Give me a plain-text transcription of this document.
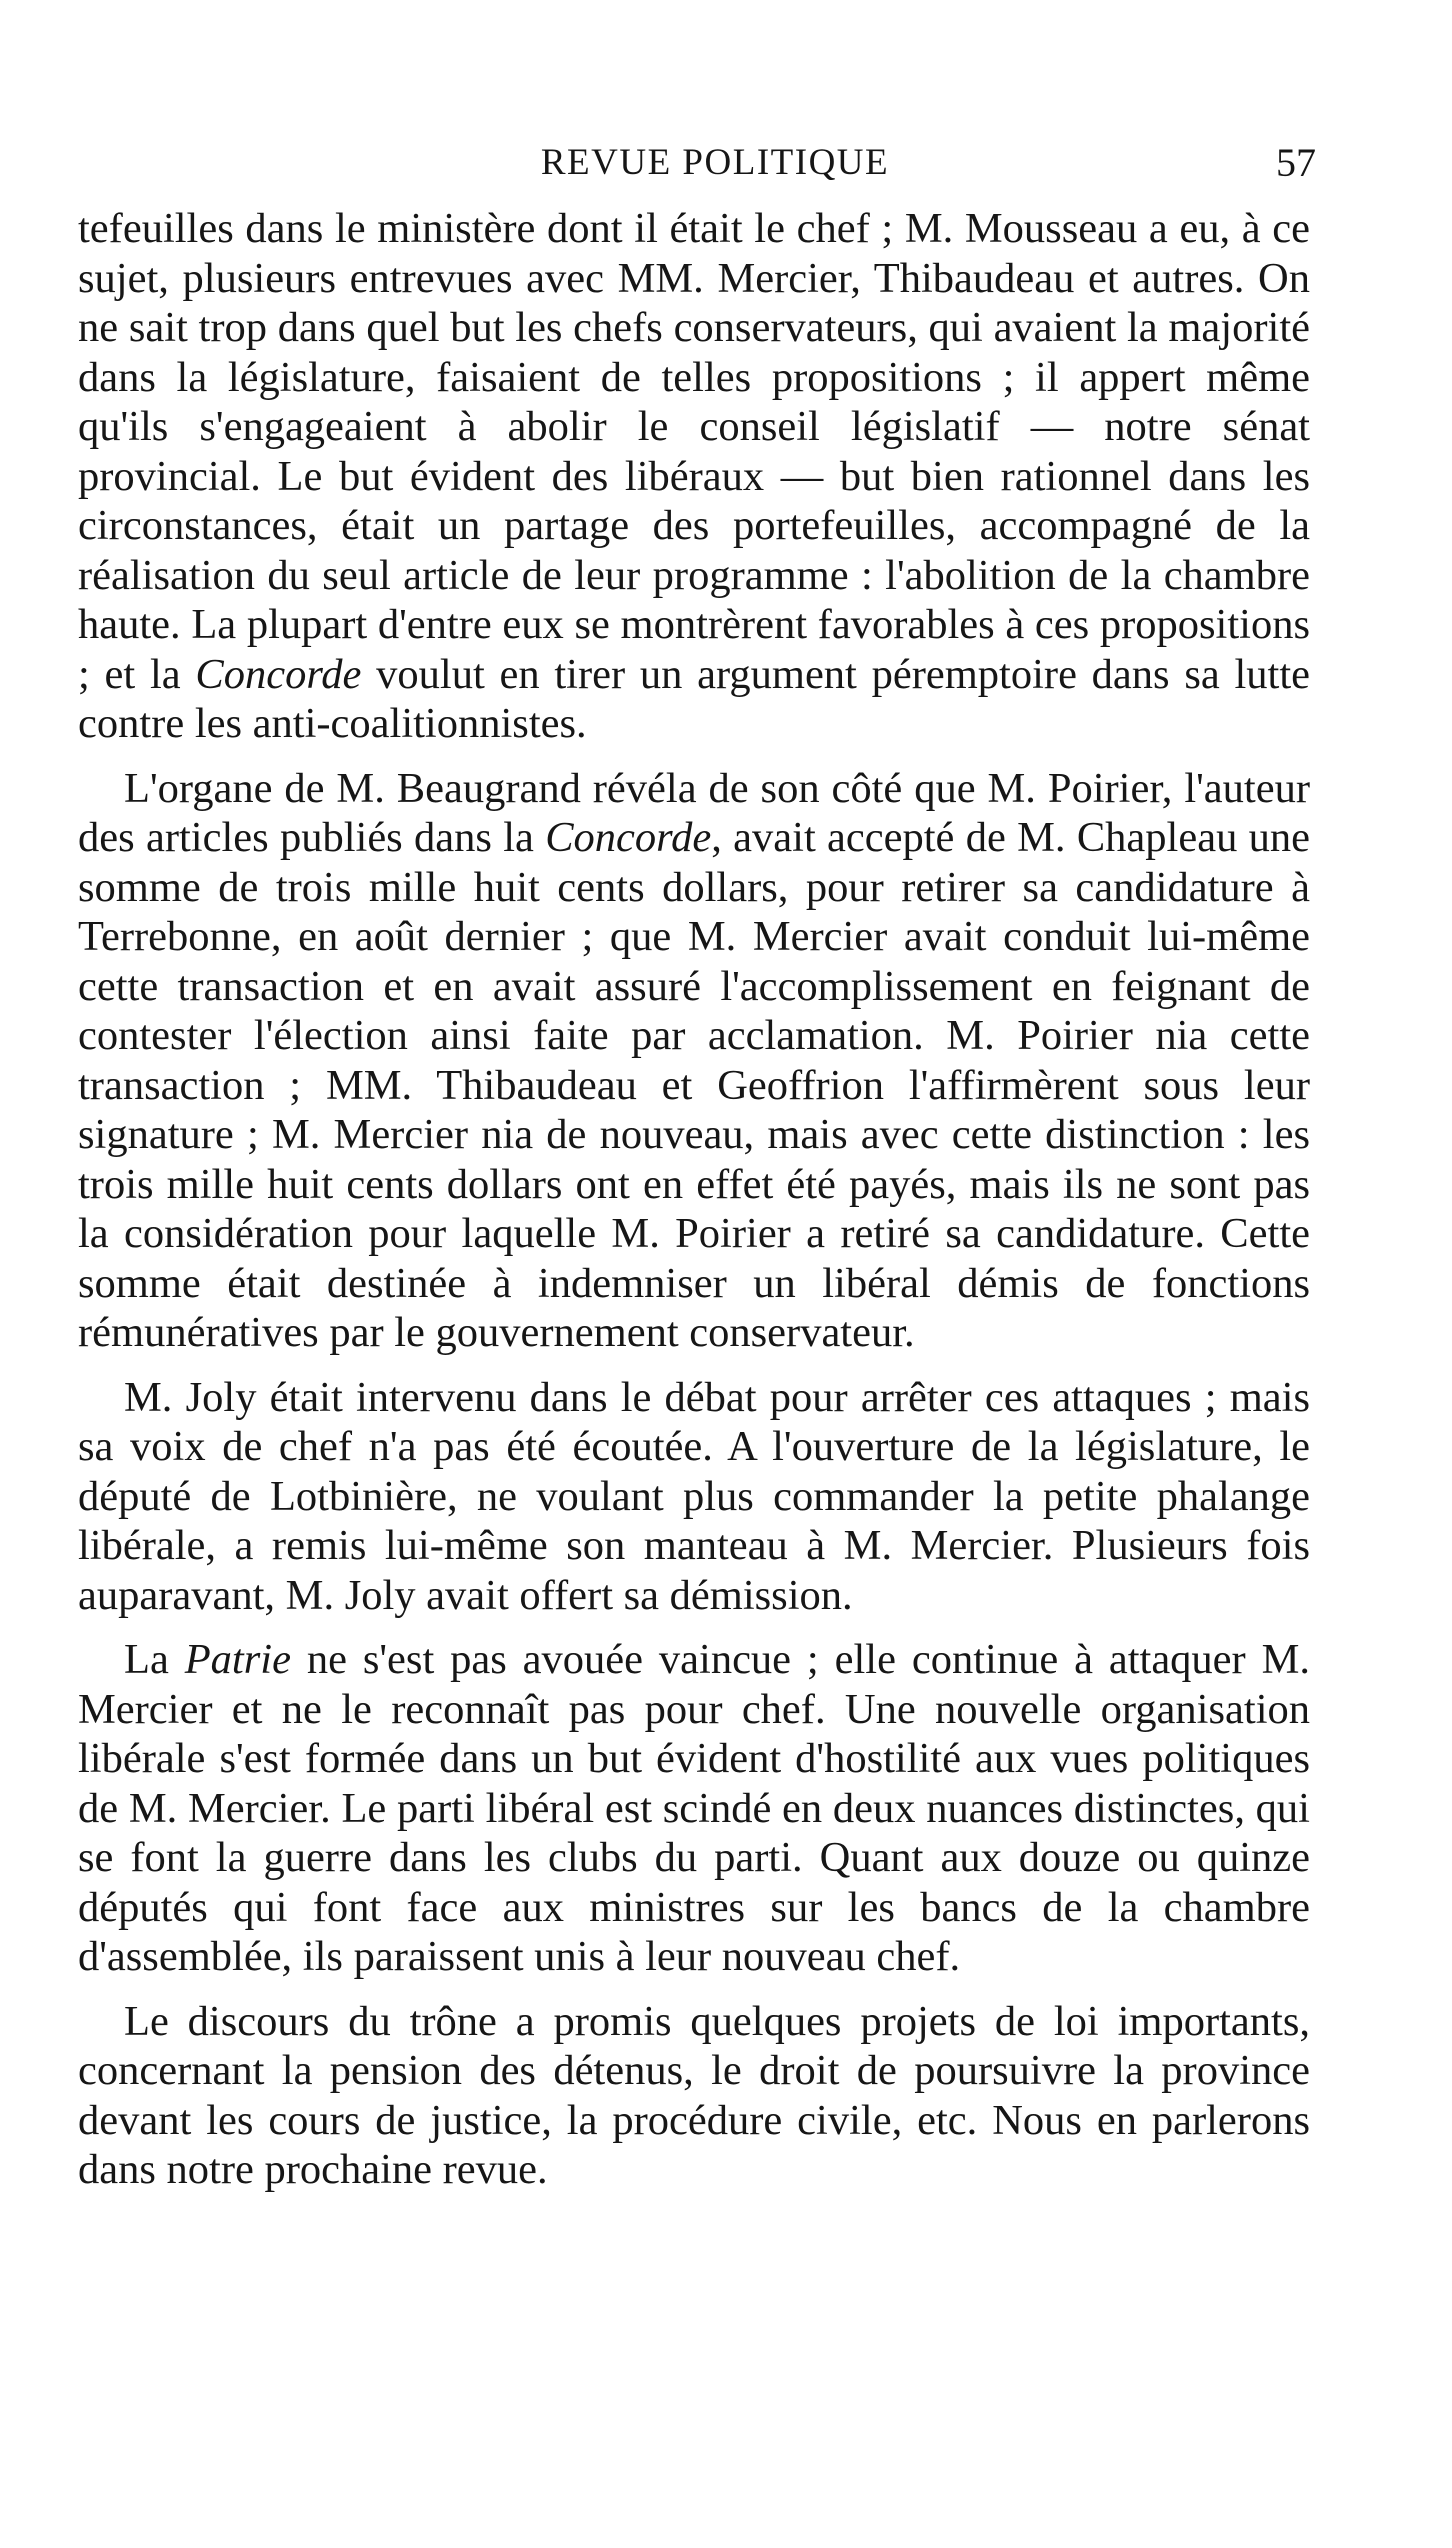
REVUE POLITIQUE	57

tefeuilles dans le ministère dont il était le chef ; M. Mousseau a eu, à ce sujet, plusieurs entrevues avec MM. Mercier, Thibaudeau et autres. On ne sait trop dans quel but les chefs conservateurs, qui avaient la majorité dans la législature, faisaient de telles propositions ; il appert même qu'ils s'engageaient à abolir le conseil législatif — notre sénat provincial. Le but évident des libéraux — but bien rationnel dans les circonstances, était un partage des portefeuilles, accompagné de la réalisation du seul article de leur programme : l'abolition de la chambre haute. La plupart d'entre eux se montrèrent favorables à ces propositions ; et la Concorde voulut en tirer un argument péremptoire dans sa lutte contre les anti-coalitionnistes.

L'organe de M. Beaugrand révéla de son côté que M. Poirier, l'auteur des articles publiés dans la Concorde, avait accepté de M. Chapleau une somme de trois mille huit cents dollars, pour retirer sa candidature à Terrebonne, en août dernier ; que M. Mercier avait conduit lui-même cette transaction et en avait assuré l'accomplissement en feignant de contester l'élection ainsi faite par acclamation. M. Poirier nia cette transaction ; MM. Thibaudeau et Geoffrion l'affirmèrent sous leur signature ; M. Mercier nia de nouveau, mais avec cette distinction : les trois mille huit cents dollars ont en effet été payés, mais ils ne sont pas la considération pour laquelle M. Poirier a retiré sa candidature. Cette somme était destinée à indemniser un libéral démis de fonctions rémunératives par le gouvernement conservateur.

M. Joly était intervenu dans le débat pour arrêter ces attaques ; mais sa voix de chef n'a pas été écoutée. A l'ouverture de la législature, le député de Lotbinière, ne voulant plus commander la petite phalange libérale, a remis lui-même son manteau à M. Mercier. Plusieurs fois auparavant, M. Joly avait offert sa démission.

La Patrie ne s'est pas avouée vaincue ; elle continue à attaquer M. Mercier et ne le reconnaît pas pour chef. Une nouvelle organisation libérale s'est formée dans un but évident d'hostilité aux vues politiques de M. Mercier. Le parti libéral est scindé en deux nuances distinctes, qui se font la guerre dans les clubs du parti. Quant aux douze ou quinze députés qui font face aux ministres sur les bancs de la chambre d'assemblée, ils paraissent unis à leur nouveau chef.

Le discours du trône a promis quelques projets de loi importants, concernant la pension des détenus, le droit de poursuivre la province devant les cours de justice, la procédure civile, etc. Nous en parlerons dans notre prochaine revue.
